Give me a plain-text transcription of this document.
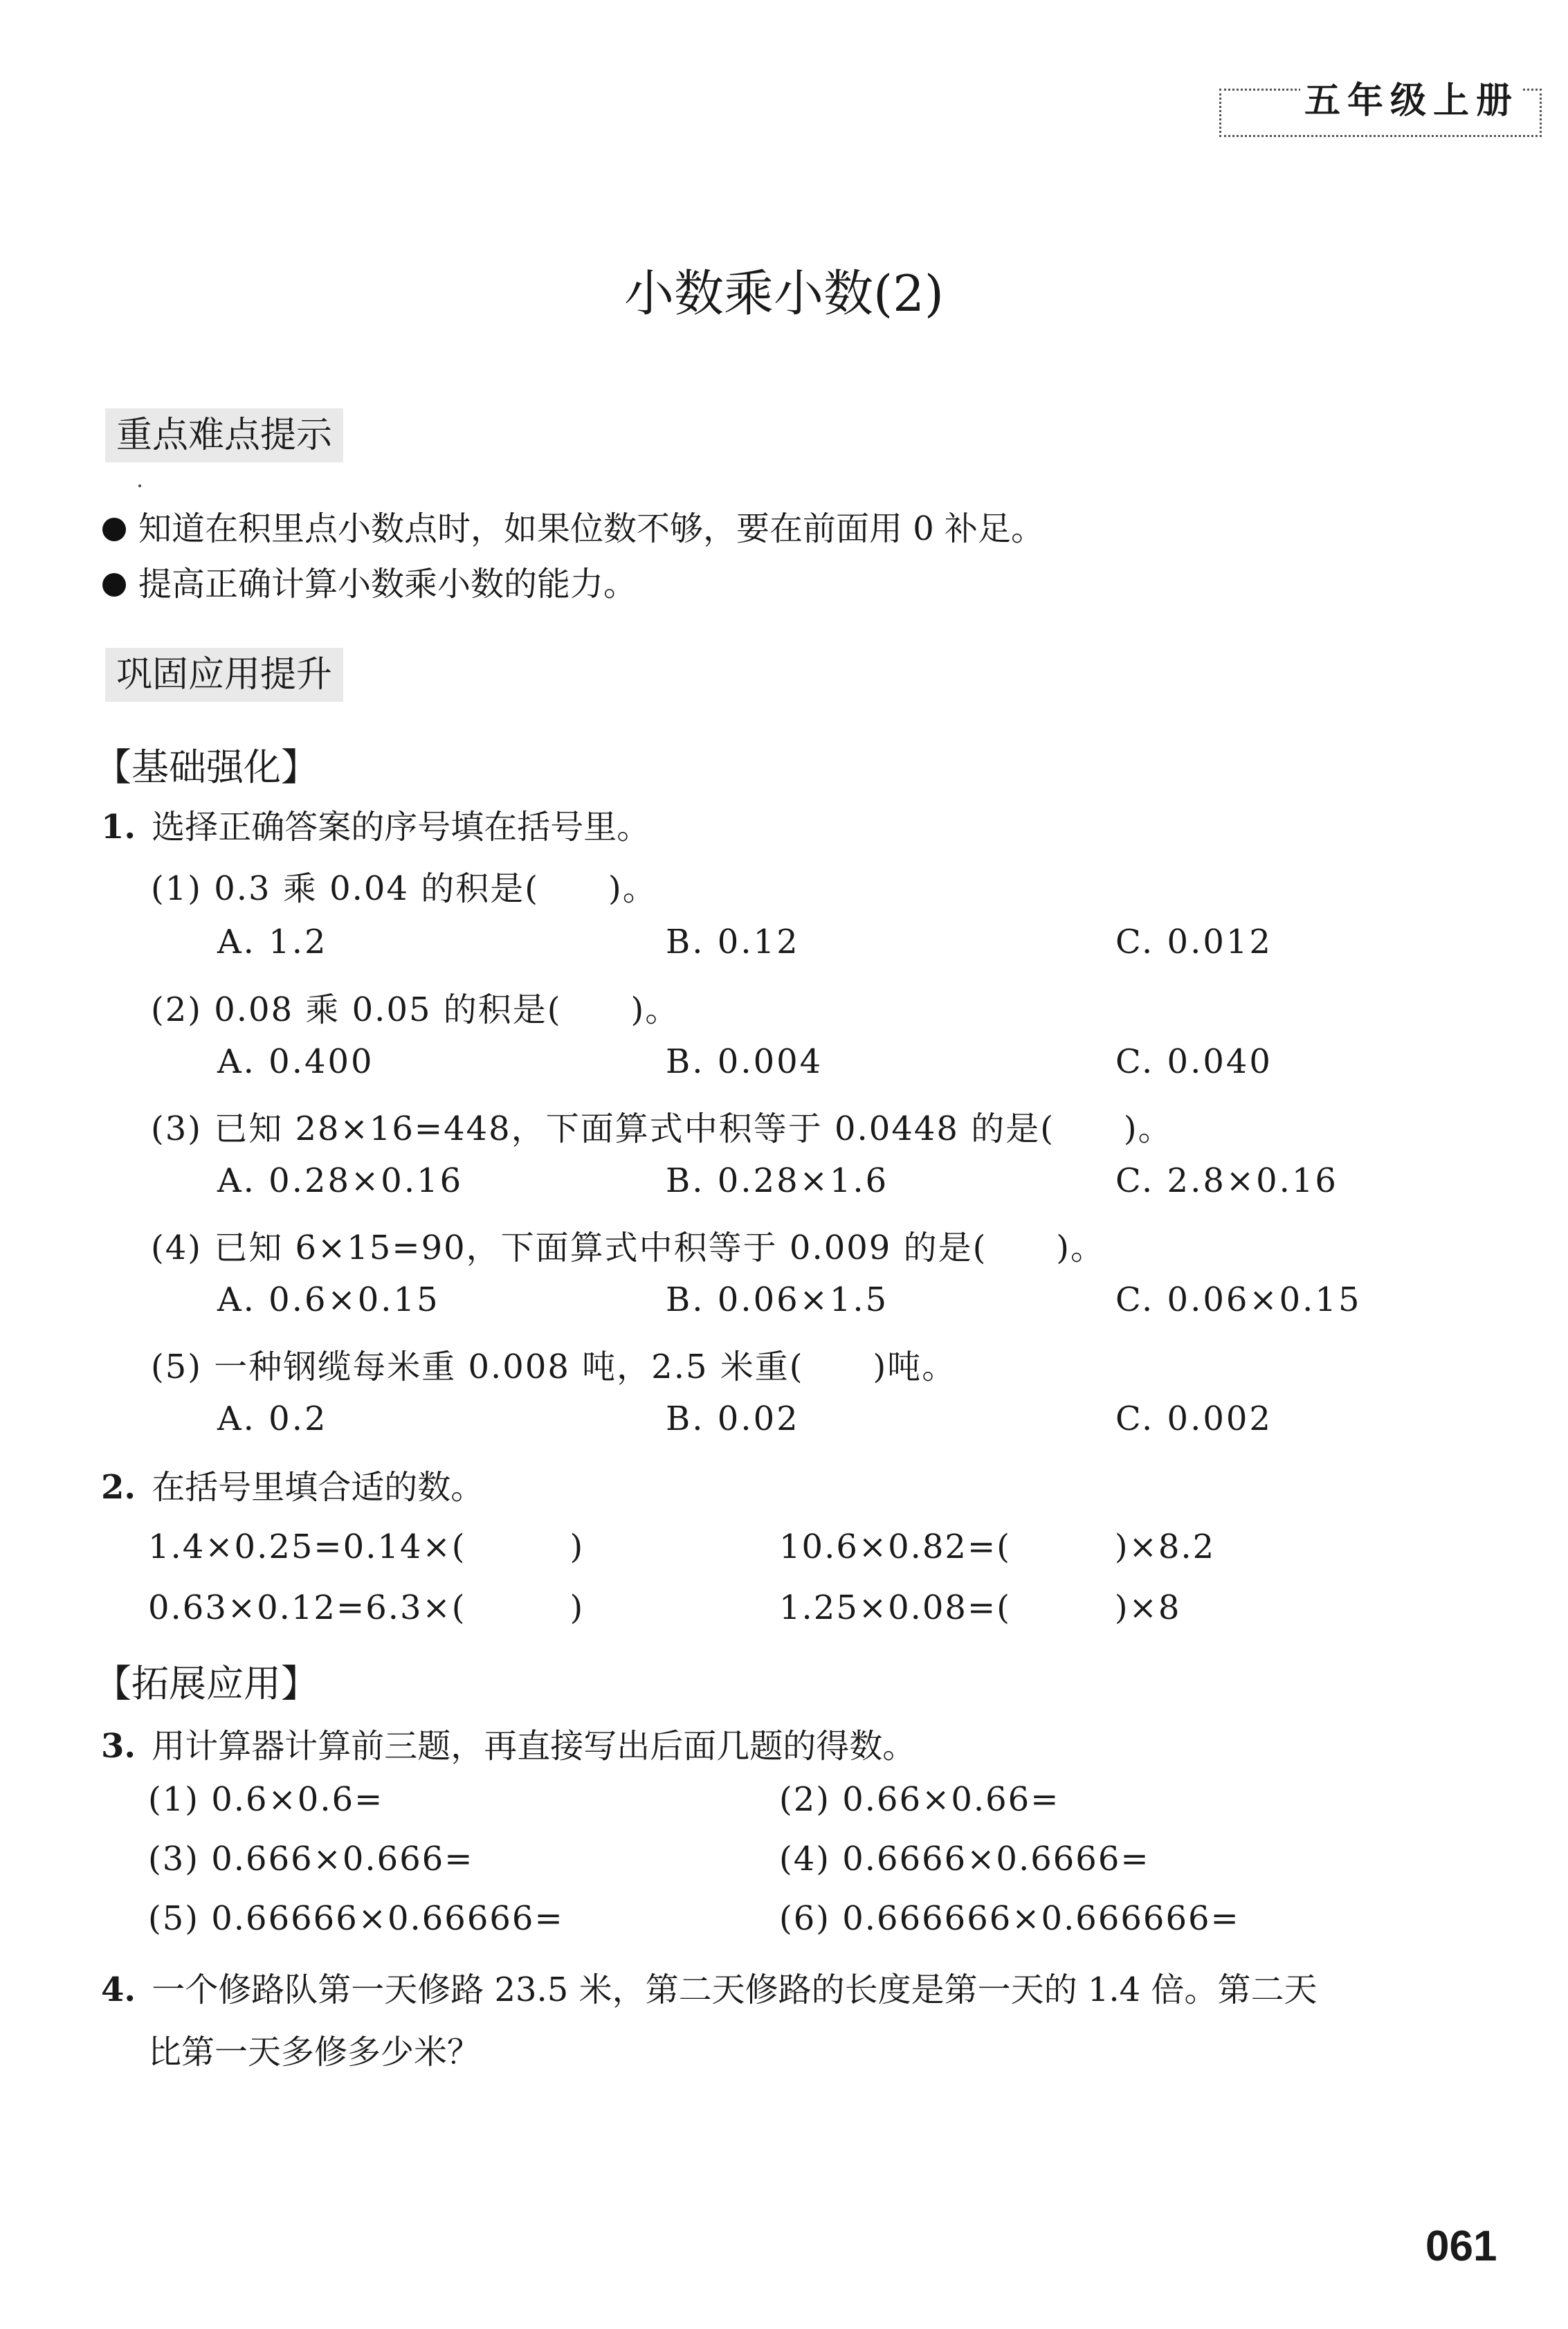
五年级上册
小数乘小数(2)
重点难点提示
知道在积里点小数点时，如果位数不够，要在前面用 0 补足。
提高正确计算小数乘小数的能力。
巩固应用提升
【基础强化】
1. 选择正确答案的序号填在括号里。
(1) 0.3 乘 0.04 的积是(　　)。
A. 1.2	B. 0.12	C. 0.012
(2) 0.08 乘 0.05 的积是(　　)。
A. 0.400	B. 0.004	C. 0.040
(3) 已知 28×16=448，下面算式中积等于 0.0448 的是(　　)。
A. 0.28×0.16	B. 0.28×1.6	C. 2.8×0.16
(4) 已知 6×15=90，下面算式中积等于 0.009 的是(　　)。
A. 0.6×0.15	B. 0.06×1.5	C. 0.06×0.15
(5) 一种钢缆每米重 0.008 吨，2.5 米重(　　)吨。
A. 0.2	B. 0.02	C. 0.002
2. 在括号里填合适的数。
1.4×0.25=0.14×(　　　)	10.6×0.82=(　　　)×8.2
0.63×0.12=6.3×(　　　)	1.25×0.08=(　　　)×8
【拓展应用】
3. 用计算器计算前三题，再直接写出后面几题的得数。
(1) 0.6×0.6=	(2) 0.66×0.66=
(3) 0.666×0.666=	(4) 0.6666×0.6666=
(5) 0.66666×0.66666=	(6) 0.666666×0.666666=
4. 一个修路队第一天修路 23.5 米，第二天修路的长度是第一天的 1.4 倍。第二天
比第一天多修多少米？
061
